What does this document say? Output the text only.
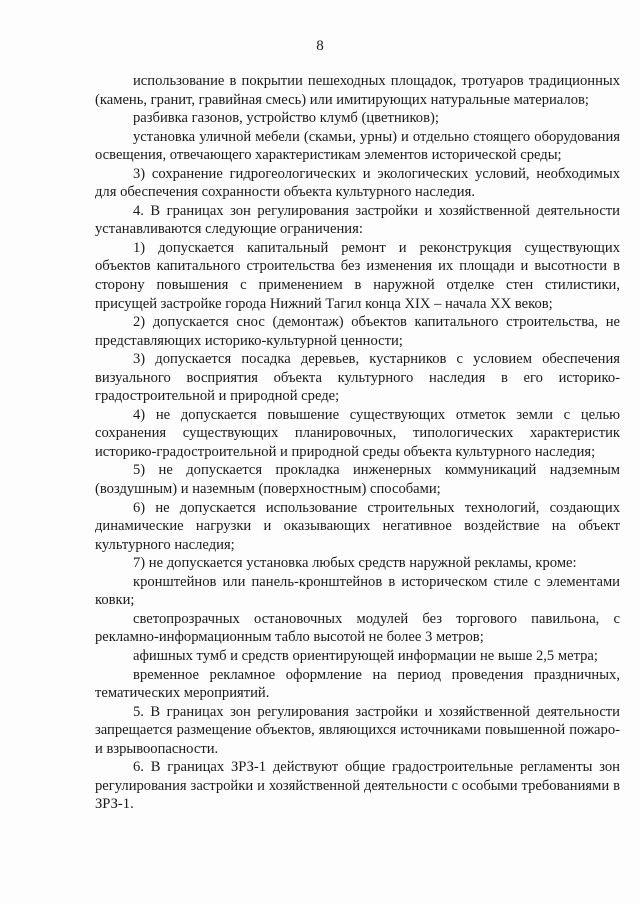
8

использование в покрытии пешеходных площадок, тротуаров традиционных (камень, гранит, гравийная смесь) или имитирующих натуральные материалов;

разбивка газонов, устройство клумб (цветников);

установка уличной мебели (скамьи, урны) и отдельно стоящего оборудования освещения, отвечающего характеристикам элементов исторической среды;

3) сохранение гидрогеологических и экологических условий, необходимых для обеспечения сохранности объекта культурного наследия.

4. В границах зон регулирования застройки и хозяйственной деятельности устанавливаются следующие ограничения:

1) допускается капитальный ремонт и реконструкция существующих объектов капитального строительства без изменения их площади и высотности в сторону повышения с применением в наружной отделке стен стилистики, присущей застройке города Нижний Тагил конца XIX – начала XX веков;

2) допускается снос (демонтаж) объектов капитального строительства, не представляющих историко-культурной ценности;

3) допускается посадка деревьев, кустарников с условием обеспечения визуального восприятия объекта культурного наследия в его историко-градостроительной и природной среде;

4) не допускается повышение существующих отметок земли с целью сохранения существующих планировочных, типологических характеристик историко-градостроительной и природной среды объекта культурного наследия;

5) не допускается прокладка инженерных коммуникаций надземным (воздушным) и наземным (поверхностным) способами;

6) не допускается использование строительных технологий, создающих динамические нагрузки и оказывающих негативное воздействие на объект культурного наследия;

7) не допускается установка любых средств наружной рекламы, кроме:

кронштейнов или панель-кронштейнов в историческом стиле с элементами ковки;

светопрозрачных остановочных модулей без торгового павильона, с рекламно-информационным табло высотой не более 3 метров;

афишных тумб и средств ориентирующей информации не выше 2,5 метра;

временное рекламное оформление на период проведения праздничных, тематических мероприятий.

5. В границах зон регулирования застройки и хозяйственной деятельности запрещается размещение объектов, являющихся источниками повышенной пожаро- и взрывоопасности.

6. В границах ЗРЗ-1 действуют общие градостроительные регламенты зон регулирования застройки и хозяйственной деятельности с особыми требованиями в ЗРЗ-1.
